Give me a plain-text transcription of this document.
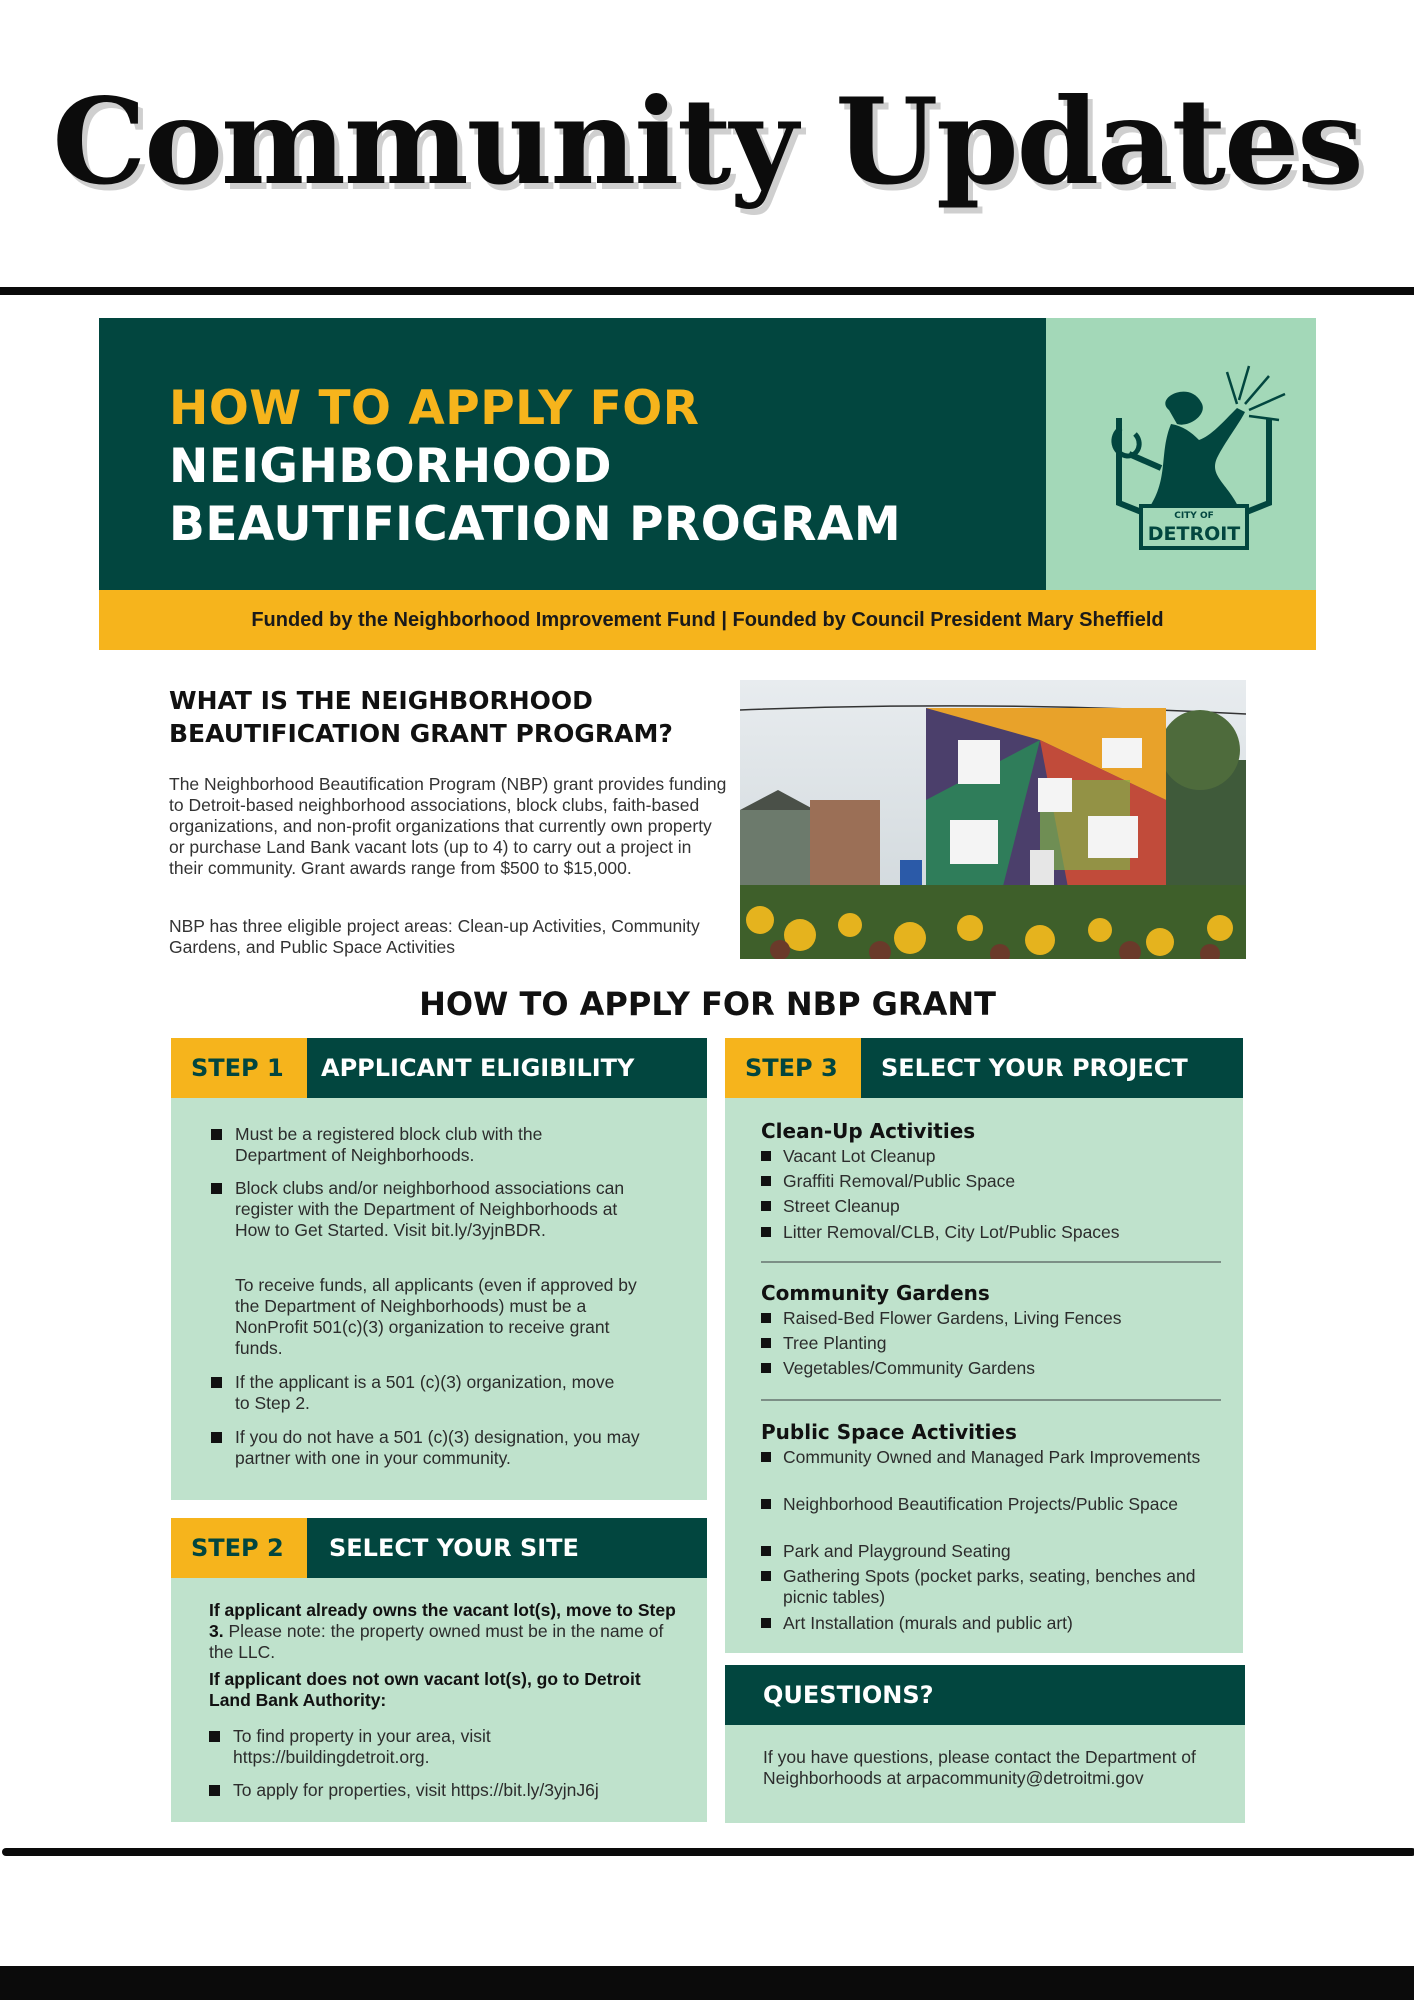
Community Updates
HOW TO APPLY FOR
NEIGHBORHOOD
BEAUTIFICATION PROGRAM	CITY OF
DETROIT
Funded by the Neighborhood Improvement Fund | Founded by Council President Mary Sheffield
WHAT IS THE NEIGHBORHOOD
BEAUTIFICATION GRANT PROGRAM?
The Neighborhood Beautification Program (NBP) grant provides funding to Detroit-based neighborhood associations, block clubs, faith-based organizations, and non-profit organizations that currently own property or purchase Land Bank vacant lots (up to 4) to carry out a project in their community. Grant awards range from $500 to $15,000.
NBP has three eligible project areas: Clean-up Activities, Community Gardens, and Public Space Activities
HOW TO APPLY FOR NBP GRANT
STEP 1	APPLICANT ELIGIBILITY
Must be a registered block club with the Department of Neighborhoods.
Block clubs and/or neighborhood associations can register with the Department of Neighborhoods at How to Get Started. Visit bit.ly/3yjnBDR.
To receive funds, all applicants (even if approved by the Department of Neighborhoods) must be a NonProfit 501(c)(3) organization to receive grant funds.
If the applicant is a 501 (c)(3) organization, move to Step 2.
If you do not have a 501 (c)(3) designation, you may partner with one in your community.
STEP 2	SELECT YOUR SITE
If applicant already owns the vacant lot(s), move to Step 3. Please note: the property owned must be in the name of the LLC.
If applicant does not own vacant lot(s), go to Detroit Land Bank Authority:
To find property in your area, visit https://buildingdetroit.org.
To apply for properties, visit https://bit.ly/3yjnJ6j
STEP 3	SELECT YOUR PROJECT
Clean-Up Activities
Vacant Lot Cleanup
Graffiti Removal/Public Space
Street Cleanup
Litter Removal/CLB, City Lot/Public Spaces
Community Gardens
Raised-Bed Flower Gardens, Living Fences
Tree Planting
Vegetables/Community Gardens
Public Space Activities
Community Owned and Managed Park Improvements
Neighborhood Beautification Projects/Public Space
Park and Playground Seating
Gathering Spots (pocket parks, seating, benches and picnic tables)
Art Installation (murals and public art)
QUESTIONS?
If you have questions, please contact the Department of Neighborhoods at arpacommunity@detroitmi.gov
